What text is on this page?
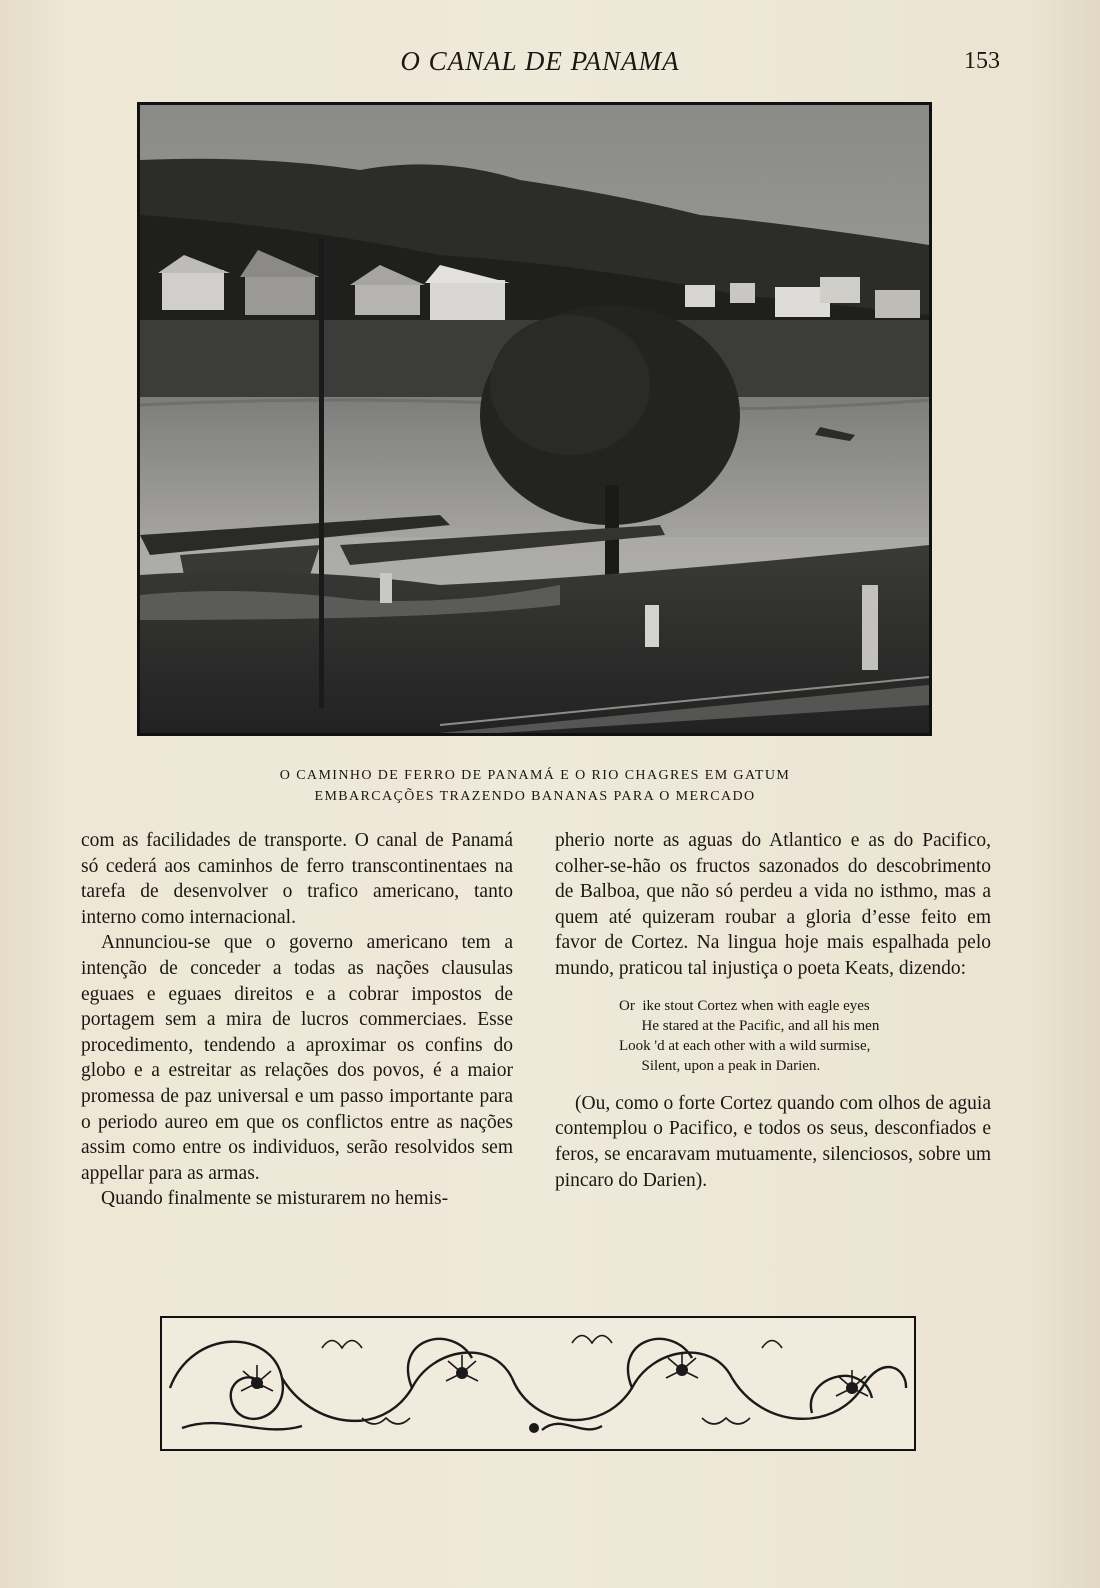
O CANAL DE PANAMA	153
O CAMINHO DE FERRO DE PANAMÁ E O RIO CHAGRES EM GATUM
EMBARCAÇÕES TRAZENDO BANANAS PARA O MERCADO

com as facilidades de transporte. O canal de Panamá só cederá aos caminhos de ferro transcontinentaes na tarefa de desenvolver o trafico americano, tanto interno como internacional.

Annunciou-se que o governo americano tem a intenção de conceder a todas as nações clausulas eguaes e eguaes direitos e a cobrar impostos de portagem sem a mira de lucros commerciaes. Esse procedimento, tendendo a aproximar os confins do globo e a estreitar as relações dos povos, é a maior promessa de paz universal e um passo importante para o periodo aureo em que os conflictos entre as nações assim como entre os individuos, serão resolvidos sem appellar para as armas.

Quando finalmente se misturarem no hemis-

pherio norte as aguas do Atlantico e as do Pacifico, colher-se-hão os fructos sazonados do descobrimento de Balboa, que não só perdeu a vida no isthmo, mas a quem até quizeram roubar a gloria d’esse feito em favor de Cortez. Na lingua hoje mais espalhada pelo mundo, praticou tal injustiça o poeta Keats, dizendo:

Or  ike stout Cortez when with eagle eyes
He stared at the Pacific, and all his men
Look 'd at each other with a wild surmise,
Silent, upon a peak in Darien.

(Ou, como o forte Cortez quando com olhos de aguia contemplou o Pacifico, e todos os seus, desconfiados e feros, se encaravam mutuamente, silenciosos, sobre um pincaro do Darien).
